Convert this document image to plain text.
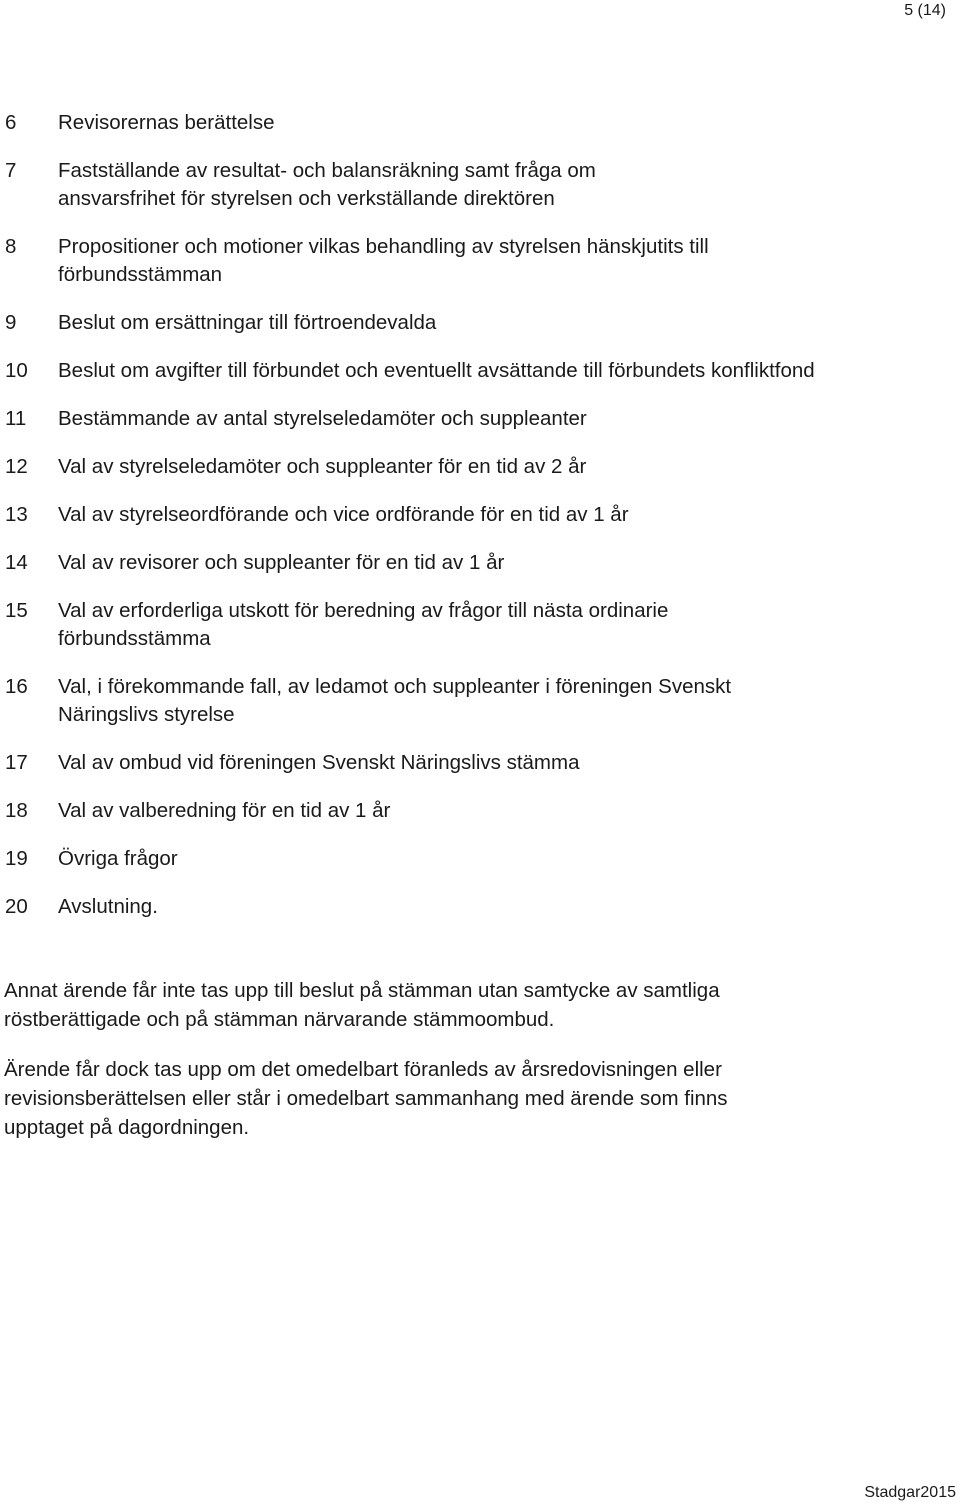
5 (14)
6	Revisorernas berättelse
7	Fastställande av resultat- och balansräkning samt fråga om ansvarsfrihet för styrelsen och verkställande direktören
8	Propositioner och motioner vilkas behandling av styrelsen hänskjutits till förbundsstämman
9	Beslut om ersättningar till förtroendevalda
10	Beslut om avgifter till förbundet och eventuellt avsättande till förbundets konfliktfond
11	Bestämmande av antal styrelseledamöter och suppleanter
12	Val av styrelseledamöter och suppleanter för en tid av 2 år
13	Val av styrelseordförande och vice ordförande för en tid av 1 år
14	Val av revisorer och suppleanter för en tid av 1 år
15	Val av erforderliga utskott för beredning av frågor till nästa ordinarie förbundsstämma
16	Val, i förekommande fall, av ledamot och suppleanter i föreningen Svenskt Näringslivs styrelse
17	Val av ombud vid föreningen Svenskt Näringslivs stämma
18	Val av valberedning för en tid av 1 år
19	Övriga frågor
20	Avslutning.

Annat ärende får inte tas upp till beslut på stämman utan samtycke av samtliga röstberättigade och på stämman närvarande stämmoombud.

Ärende får dock tas upp om det omedelbart föranleds av årsredovisningen eller revisionsberättelsen eller står i omedelbart sammanhang med ärende som finns upptaget på dagordningen.

Stadgar2015
